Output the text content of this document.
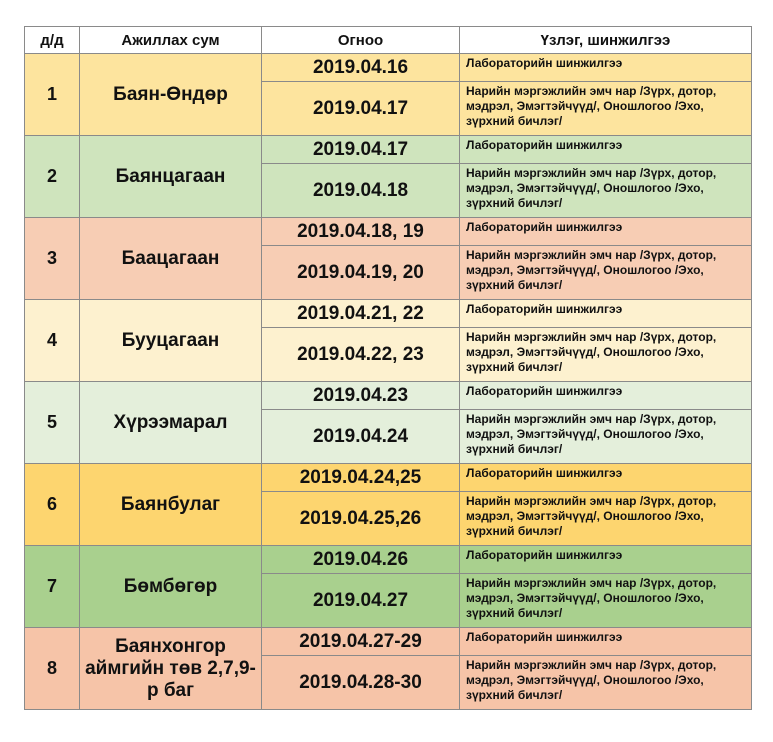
д/д	Ажиллах сум	Огноо	Үзлэг, шинжилгээ
1	Баян-Өндөр	2019.04.16	Лабораторийн шинжилгээ
		2019.04.17	Нарийн мэргэжлийн эмч нар /Зүрх, дотор, мэдрэл, Эмэгтэйчүүд/, Оношлогоо /Эхо, зүрхний бичлэг/
2	Баянцагаан	2019.04.17	Лабораторийн шинжилгээ
		2019.04.18	Нарийн мэргэжлийн эмч нар /Зүрх, дотор, мэдрэл, Эмэгтэйчүүд/, Оношлогоо /Эхо, зүрхний бичлэг/
3	Баацагаан	2019.04.18, 19	Лабораторийн шинжилгээ
		2019.04.19, 20	Нарийн мэргэжлийн эмч нар /Зүрх, дотор, мэдрэл, Эмэгтэйчүүд/, Оношлогоо /Эхо, зүрхний бичлэг/
4	Бууцагаан	2019.04.21, 22	Лабораторийн шинжилгээ
		2019.04.22, 23	Нарийн мэргэжлийн эмч нар /Зүрх, дотор, мэдрэл, Эмэгтэйчүүд/, Оношлогоо /Эхо, зүрхний бичлэг/
5	Хүрээмарал	2019.04.23	Лабораторийн шинжилгээ
		2019.04.24	Нарийн мэргэжлийн эмч нар /Зүрх, дотор, мэдрэл, Эмэгтэйчүүд/, Оношлогоо /Эхо, зүрхний бичлэг/
6	Баянбулаг	2019.04.24,25	Лабораторийн шинжилгээ
		2019.04.25,26	Нарийн мэргэжлийн эмч нар /Зүрх, дотор, мэдрэл, Эмэгтэйчүүд/, Оношлогоо /Эхо, зүрхний бичлэг/
7	Бөмбөгөр	2019.04.26	Лабораторийн шинжилгээ
		2019.04.27	Нарийн мэргэжлийн эмч нар /Зүрх, дотор, мэдрэл, Эмэгтэйчүүд/, Оношлогоо /Эхо, зүрхний бичлэг/
8	Баянхонгор аймгийн төв 2,7,9-р баг	2019.04.27-29	Лабораторийн шинжилгээ
		2019.04.28-30	Нарийн мэргэжлийн эмч нар /Зүрх, дотор, мэдрэл, Эмэгтэйчүүд/, Оношлогоо /Эхо, зүрхний бичлэг/
